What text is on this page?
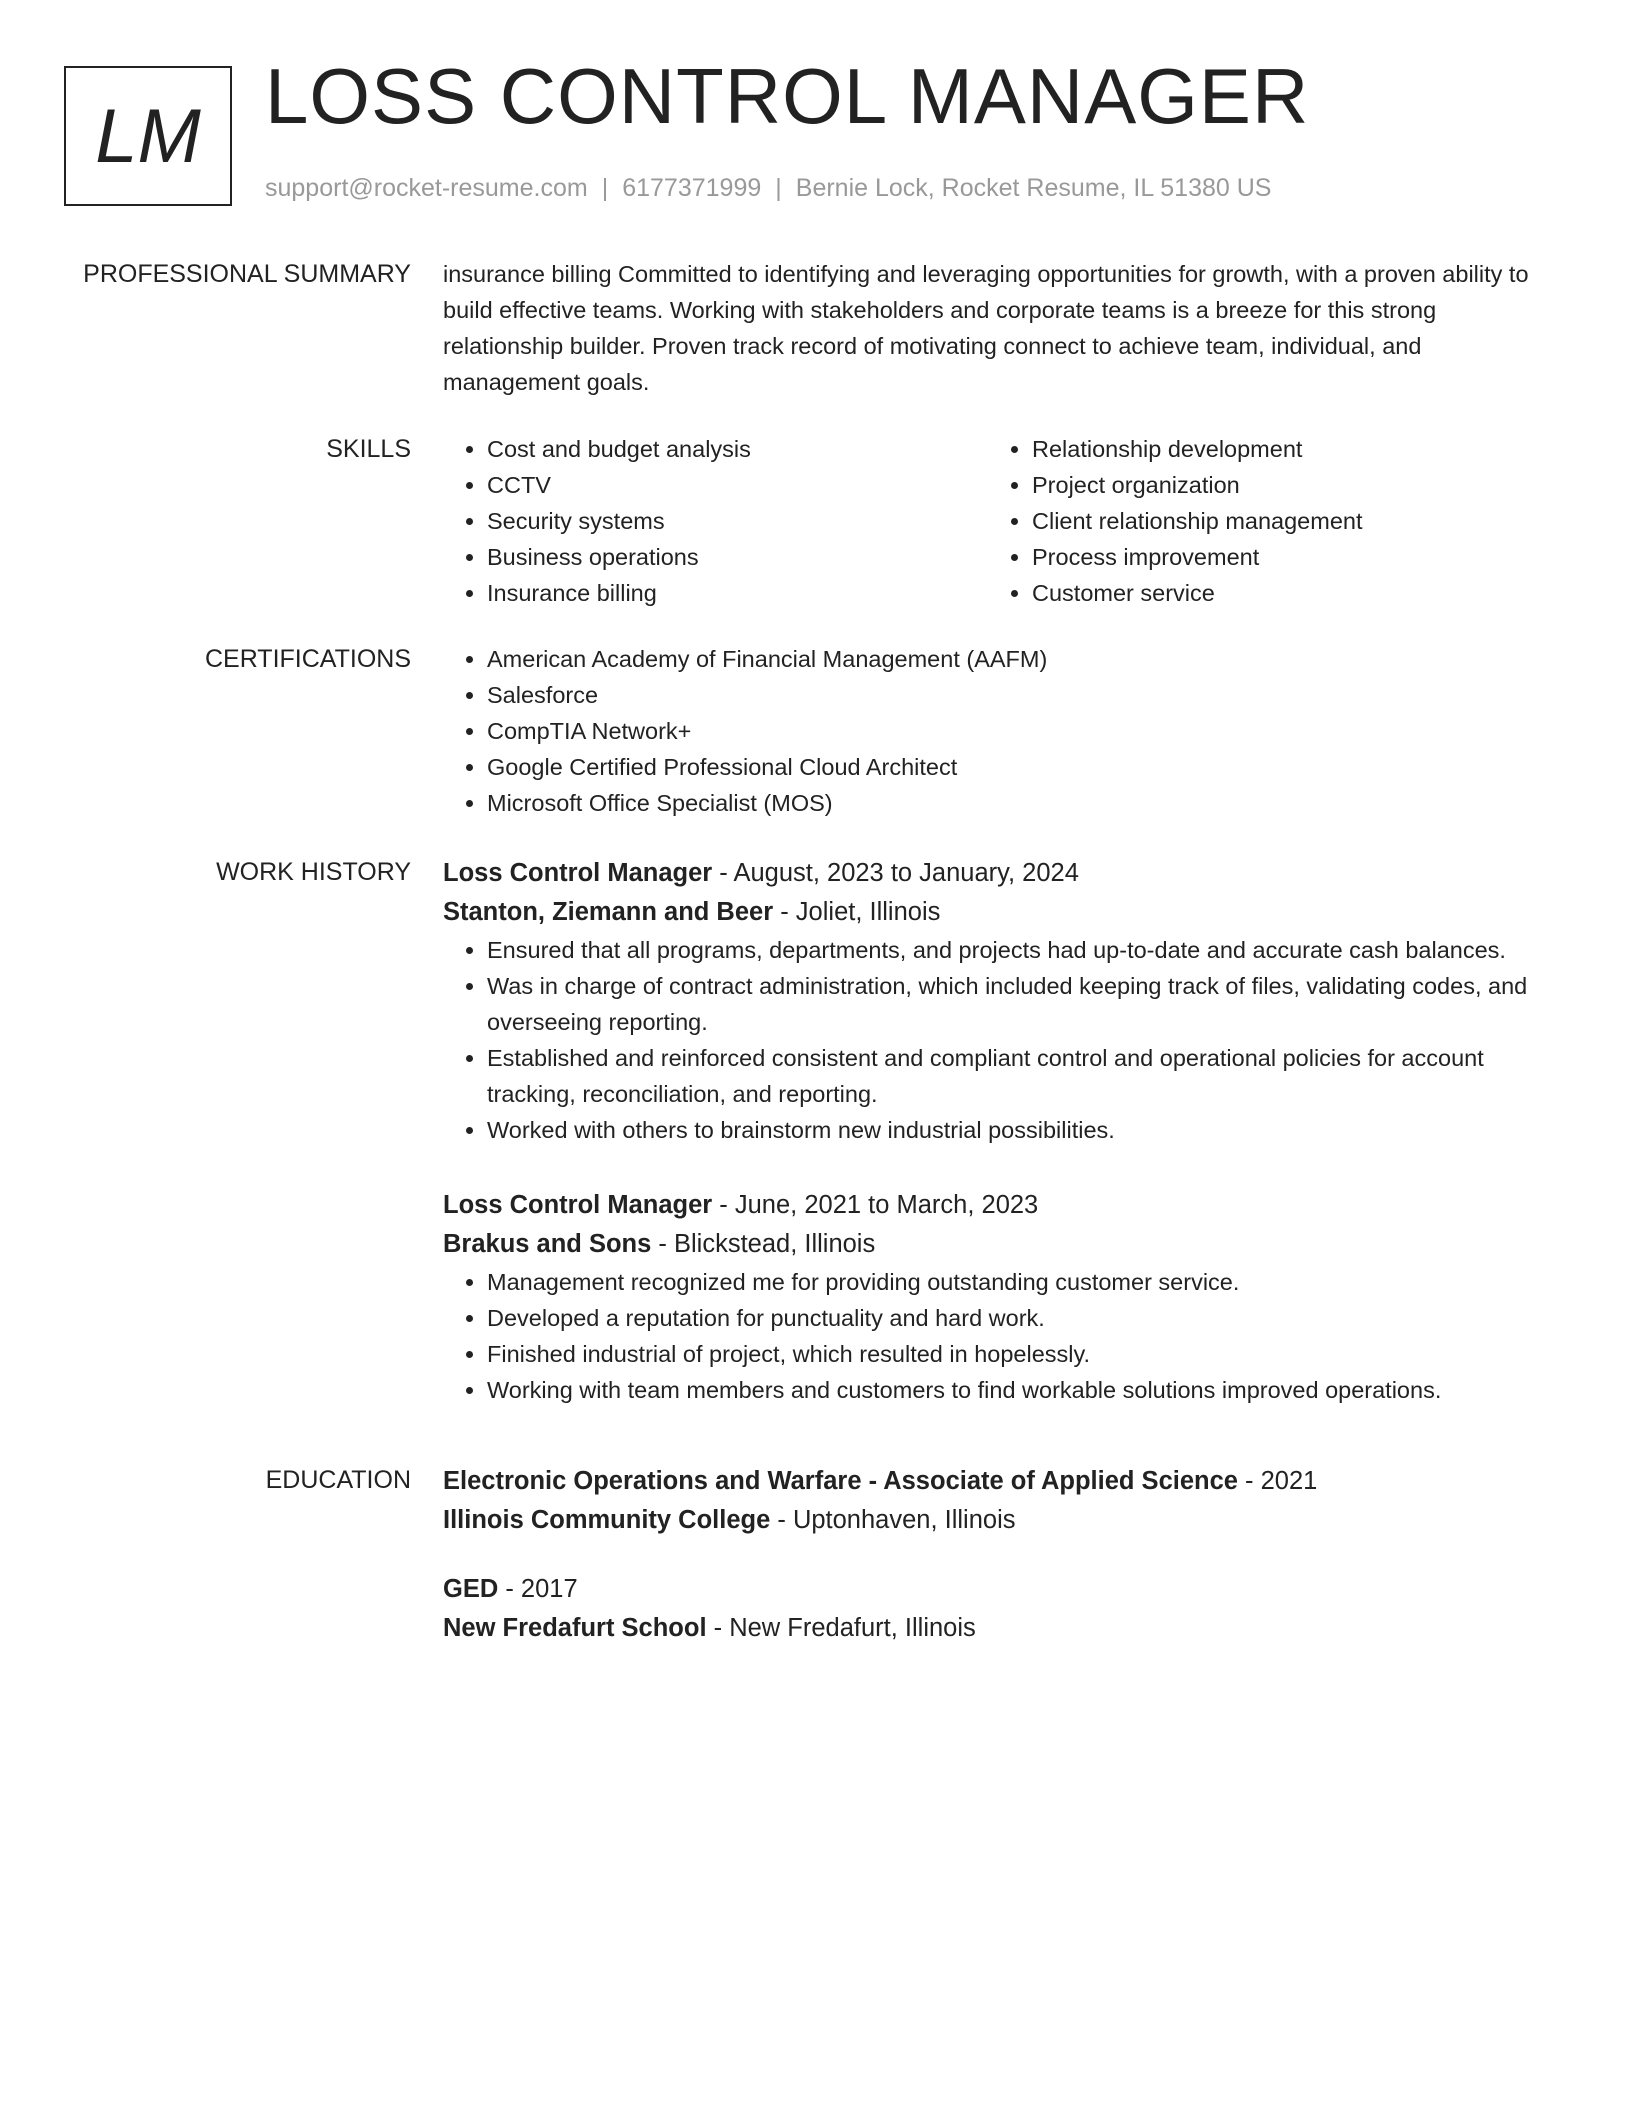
LM LOSS CONTROL MANAGER
support@rocket-resume.com | 6177371999 | Bernie Lock, Rocket Resume, IL 51380 US
PROFESSIONAL SUMMARY insurance billing Committed to identifying and leveraging opportunities for growth, with a proven ability to build effective teams. Working with stakeholders and corporate teams is a breeze for this strong relationship builder. Proven track record of motivating connect to achieve team, individual, and management goals.
SKILLS	• Cost and budget analysis
• CCTV
• Security systems
• Business operations
• Insurance billing
• Relationship development
• Project organization
• Client relationship management
• Process improvement
• Customer service
CERTIFICATIONS	• American Academy of Financial Management (AAFM)
• Salesforce
• CompTIA Network+
• Google Certified Professional Cloud Architect
• Microsoft Office Specialist (MOS)
WORK HISTORY Loss Control Manager - August, 2023 to January, 2024
Stanton, Ziemann and Beer - Joliet, Illinois
• Ensured that all programs, departments, and projects had up-to-date and accurate cash balances.
• Was in charge of contract administration, which included keeping track of files, validating codes, and overseeing reporting.
• Established and reinforced consistent and compliant control and operational policies for account tracking, reconciliation, and reporting.
• Worked with others to brainstorm new industrial possibilities.
Loss Control Manager - June, 2021 to March, 2023
Brakus and Sons - Blickstead, Illinois
• Management recognized me for providing outstanding customer service.
• Developed a reputation for punctuality and hard work.
• Finished industrial of project, which resulted in hopelessly.
• Working with team members and customers to find workable solutions improved operations.
EDUCATION Electronic Operations and Warfare - Associate of Applied Science - 2021
Illinois Community College - Uptonhaven, Illinois
GED - 2017
New Fredafurt School - New Fredafurt, Illinois
